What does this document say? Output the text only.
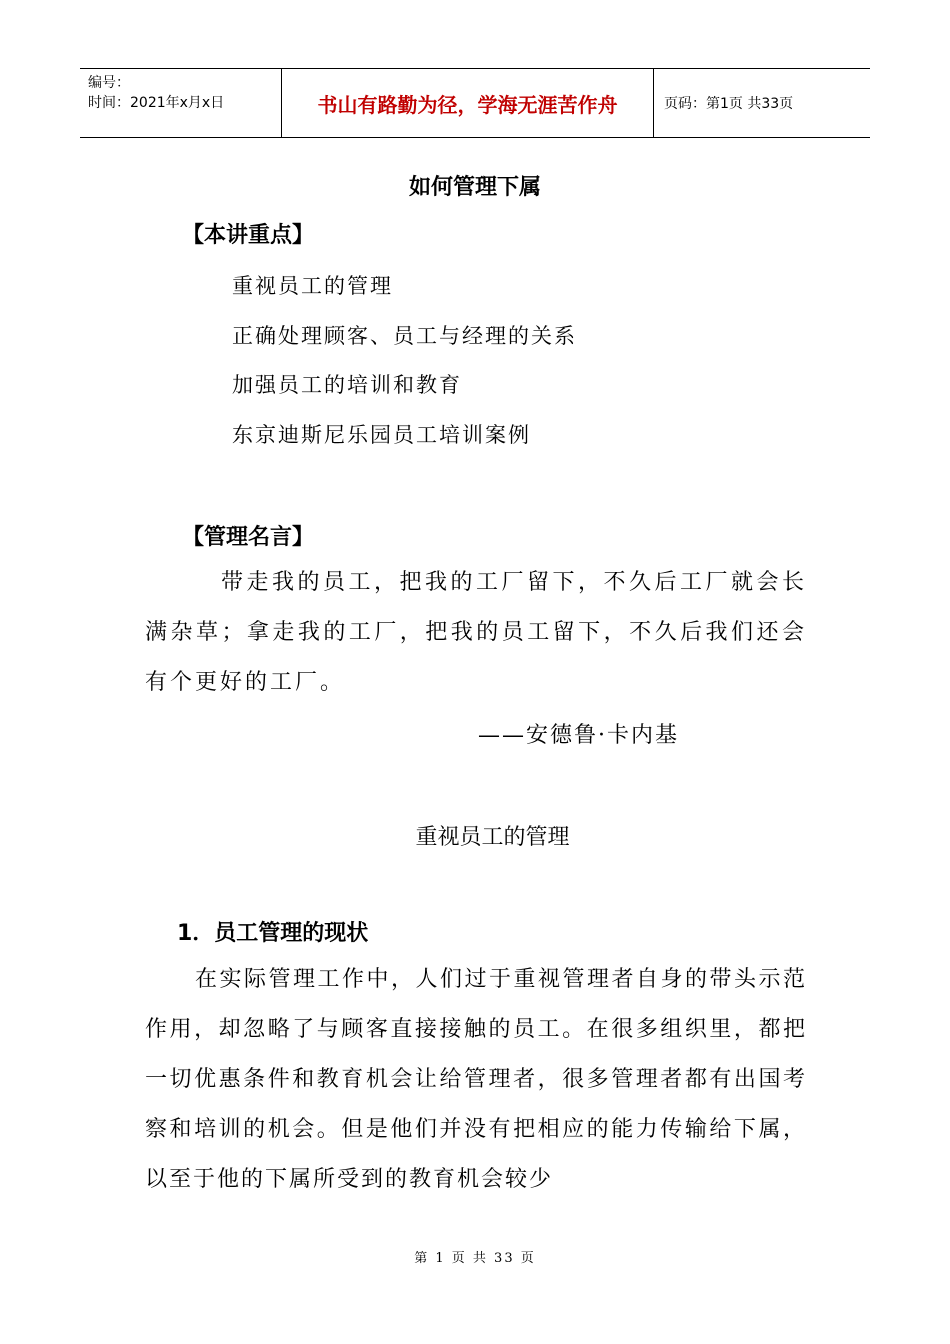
编号：
时间：2021年x月x日	书山有路勤为径，学海无涯苦作舟	页码：第1页 共33页
如何管理下属
【本讲重点】
重视员工的管理
正确处理顾客、员工与经理的关系
加强员工的培训和教育
东京迪斯尼乐园员工培训案例
【管理名言】
带走我的员工，把我的工厂留下，不久后工厂就会长满杂草；拿走我的工厂，把我的员工留下，不久后我们还会有个更好的工厂。
——安德鲁·卡内基
重视员工的管理
1．员工管理的现状
在实际管理工作中，人们过于重视管理者自身的带头示范作用，却忽略了与顾客直接接触的员工。在很多组织里，都把一切优惠条件和教育机会让给管理者，很多管理者都有出国考察和培训的机会。但是他们并没有把相应的能力传输给下属，以至于他的下属所受到的教育机会较少
第 1 页 共 33 页
